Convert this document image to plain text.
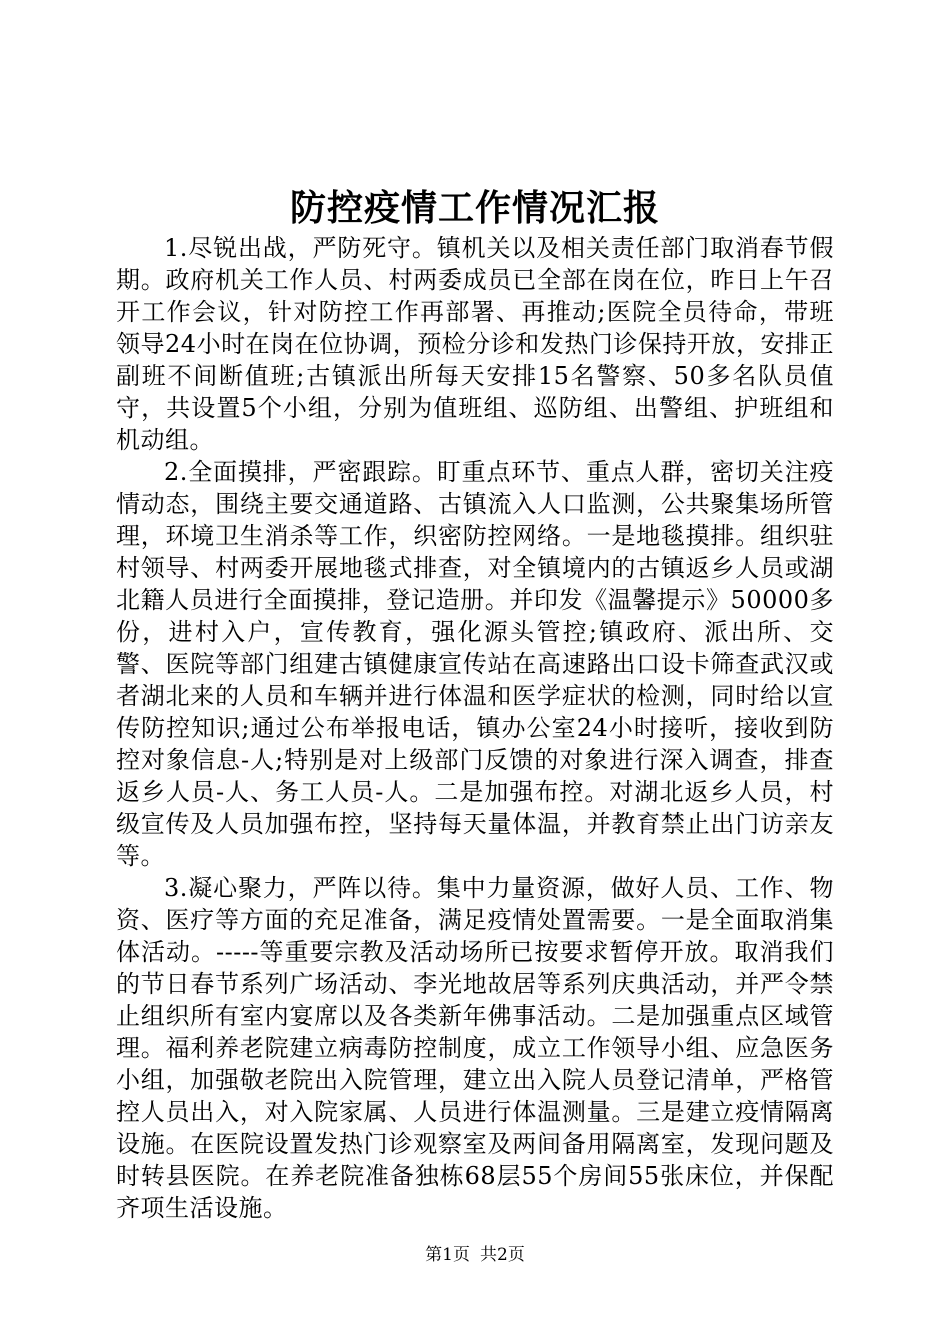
防控疫情工作情况汇报

1.尽锐出战，严防死守。镇机关以及相关责任部门取消春节假期。政府机关工作人员、村两委成员已全部在岗在位，昨日上午召开工作会议，针对防控工作再部署、再推动;医院全员待命，带班领导24小时在岗在位协调，预检分诊和发热门诊保持开放，安排正副班不间断值班;古镇派出所每天安排15名警察、50多名队员值守，共设置5个小组，分别为值班组、巡防组、出警组、护班组和机动组。

2.全面摸排，严密跟踪。盯重点环节、重点人群，密切关注疫情动态，围绕主要交通道路、古镇流入人口监测，公共聚集场所管理，环境卫生消杀等工作，织密防控网络。一是地毯摸排。组织驻村领导、村两委开展地毯式排查，对全镇境内的古镇返乡人员或湖北籍人员进行全面摸排，登记造册。并印发《温馨提示》50000多份，进村入户，宣传教育，强化源头管控;镇政府、派出所、交警、医院等部门组建古镇健康宣传站在高速路出口设卡筛查武汉或者湖北来的人员和车辆并进行体温和医学症状的检测，同时给以宣传防控知识;通过公布举报电话，镇办公室24小时接听，接收到防控对象信息-人;特别是对上级部门反馈的对象进行深入调查，排查返乡人员-人、务工人员-人。二是加强布控。对湖北返乡人员，村级宣传及人员加强布控，坚持每天量体温，并教育禁止出门访亲友等。

3.凝心聚力，严阵以待。集中力量资源，做好人员、工作、物资、医疗等方面的充足准备，满足疫情处置需要。一是全面取消集体活动。-----等重要宗教及活动场所已按要求暂停开放。取消我们的节日春节系列广场活动、李光地故居等系列庆典活动，并严令禁止组织所有室内宴席以及各类新年佛事活动。二是加强重点区域管理。福利养老院建立病毒防控制度，成立工作领导小组、应急医务小组，加强敬老院出入院管理，建立出入院人员登记清单，严格管控人员出入，对入院家属、人员进行体温测量。三是建立疫情隔离设施。在医院设置发热门诊观察室及两间备用隔离室，发现问题及时转县医院。在养老院准备独栋68层55个房间55张床位，并保配齐项生活设施。

第1页 共2页
